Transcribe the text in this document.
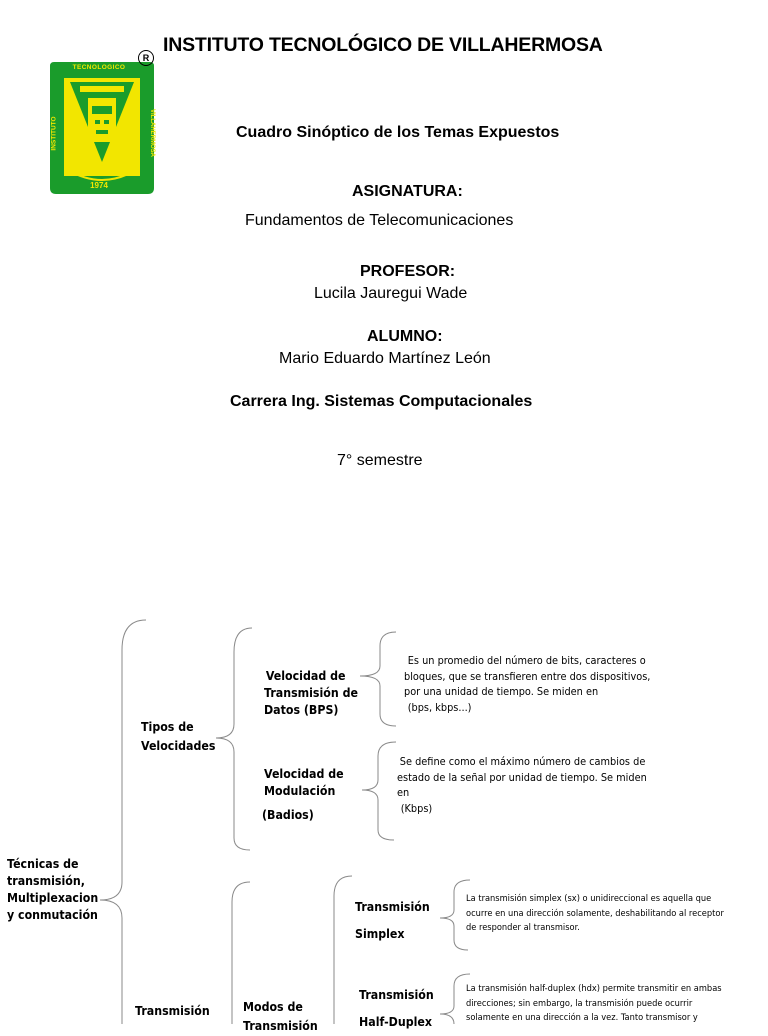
INSTITUTO TECNOLÓGICO DE VILLAHERMOSA
TECNOLOGICO
INSTITUTO	VILLAHERMOSA
1974
R
Cuadro Sinóptico de los Temas Expuestos
ASIGNATURA:
Fundamentos de Telecomunicaciones
PROFESOR:
Lucila Jauregui Wade
ALUMNO:
Mario Eduardo Martínez León
Carrera Ing. Sistemas Computacionales
7° semestre
Técnicas de
transmisión,
Multiplexacion
y conmutación
Tipos de
Velocidades
Velocidad de
Transmisión de
Datos (BPS)
Es un promedio del número de bits, caracteres o
bloques, que se transfieren entre dos dispositivos,
por una unidad de tiempo. Se miden en
(bps, kbps...)
Velocidad de
Modulación
(Badios)
Se define como el máximo número de cambios de
estado de la señal por unidad de tiempo. Se miden
en
(Kbps)
Transmisión	Modos de
Transmisión
Transmisión
Simplex
La transmisión simplex (sx) o unidireccional es aquella que
ocurre en una dirección solamente, deshabilitando al receptor
de responder al transmisor.
Transmisión
Half-Duplex
La transmisión half-duplex (hdx) permite transmitir en ambas
direcciones; sin embargo, la transmisión puede ocurrir
solamente en una dirección a la vez. Tanto transmisor y
